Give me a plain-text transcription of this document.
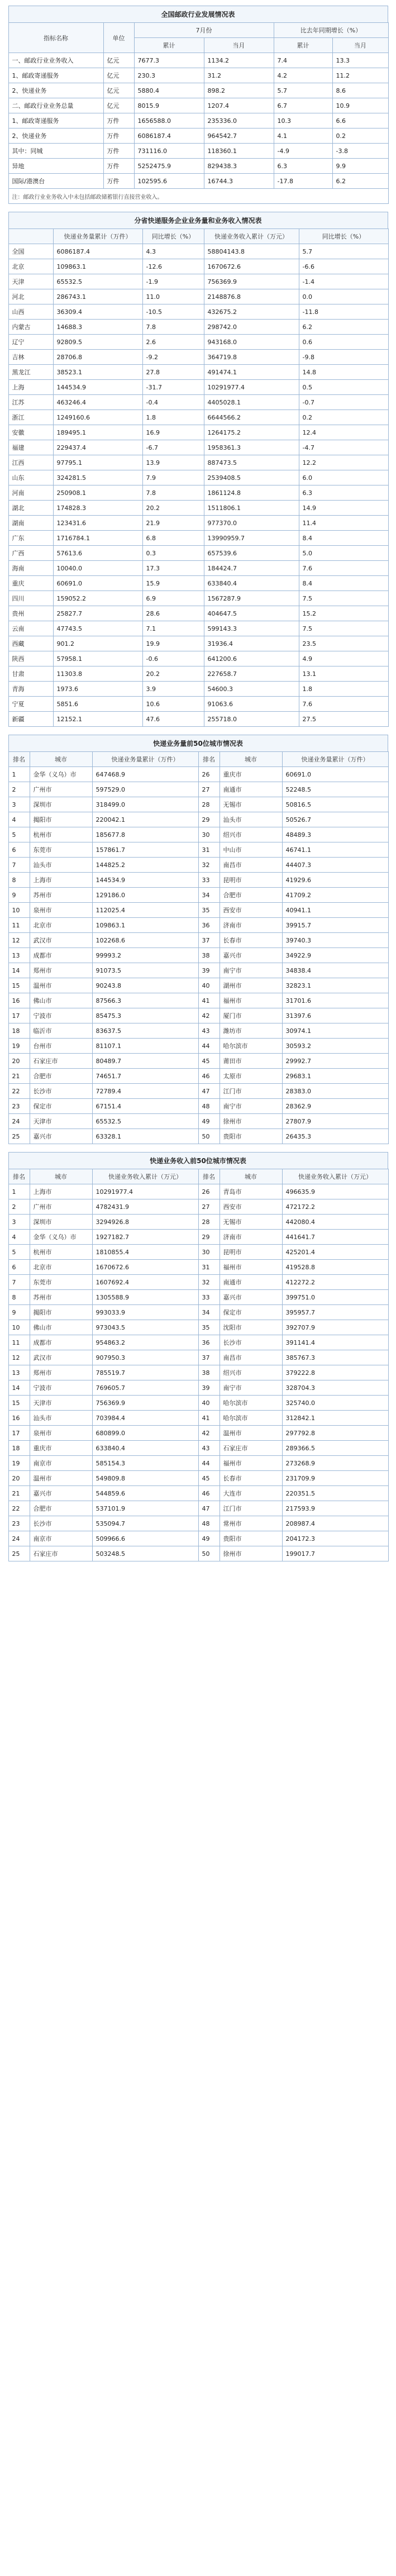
全国邮政行业发展情况表
指标名称	单位	7月份		比去年同期增长（%）	
		累计	当月	累计	当月
一、邮政行业业务收入	亿元	7677.3	1134.2	7.4	13.3
1、邮政寄递服务	亿元	230.3	31.2	4.2	11.2
2、快递业务	亿元	5880.4	898.2	5.7	8.6
二、邮政行业业务总量	亿元	8015.9	1207.4	6.7	10.9
1、邮政寄递服务	万件	1656588.0	235336.0	10.3	6.6
2、快递业务	万件	6086187.4	964542.7	4.1	0.2
其中：同城	万件	731116.0	118360.1	-4.9	-3.8
异地	万件	5252475.9	829438.3	6.3	9.9
国际/港澳台	万件	102595.6	16744.3	-17.8	6.2
注：邮政行业业务收入中未包括邮政储蓄银行直接营业收入。					
分省快递服务企业业务量和业务收入情况表
	快递业务量累计（万件）	同比增长（%）	快递业务收入累计（万元）	同比增长（%）
全国	6086187.4	4.3	58804143.8	5.7
北京	109863.1	-12.6	1670672.6	-6.6
天津	65532.5	-1.9	756369.9	-1.4
河北	286743.1	11.0	2148876.8	0.0
山西	36309.4	-10.5	432675.2	-11.8
内蒙古	14688.3	7.8	298742.0	6.2
辽宁	92809.5	2.6	943168.0	0.6
吉林	28706.8	-9.2	364719.8	-9.8
黑龙江	38523.1	27.8	491474.1	14.8
上海	144534.9	-31.7	10291977.4	0.5
江苏	463246.4	-0.4	4405028.1	-0.7
浙江	1249160.6	1.8	6644566.2	0.2
安徽	189495.1	16.9	1264175.2	12.4
福建	229437.4	-6.7	1958361.3	-4.7
江西	97795.1	13.9	887473.5	12.2
山东	324281.5	7.9	2539408.5	6.0
河南	250908.1	7.8	1861124.8	6.3
湖北	174828.3	20.2	1511806.1	14.9
湖南	123431.6	21.9	977370.0	11.4
广东	1716784.1	6.8	13990959.7	8.4
广西	57613.6	0.3	657539.6	5.0
海南	10040.0	17.3	184424.7	7.6
重庆	60691.0	15.9	633840.4	8.4
四川	159052.2	6.9	1567287.9	7.5
贵州	25827.7	28.6	404647.5	15.2
云南	47743.5	7.1	599143.3	7.5
西藏	901.2	19.9	31936.4	23.5
陕西	57958.1	-0.6	641200.6	4.9
甘肃	11303.8	20.2	227658.7	13.1
青海	1973.6	3.9	54600.3	1.8
宁夏	5851.6	10.6	91063.6	7.6
新疆	12152.1	47.6	255718.0	27.5
快递业务量前50位城市情况表
排名	城市	快递业务量累计（万件）	排名	城市	快递业务量累计（万件）
1	金华（义乌）市	647468.9	26	重庆市	60691.0
2	广州市	597529.0	27	南通市	52248.5
3	深圳市	318499.0	28	无锡市	50816.5
4	揭阳市	220042.1	29	汕头市	50526.7
5	杭州市	185677.8	30	绍兴市	48489.3
6	东莞市	157861.7	31	中山市	46741.1
7	汕头市	144825.2	32	南昌市	44407.3
8	上海市	144534.9	33	昆明市	41929.6
9	苏州市	129186.0	34	合肥市	41709.2
10	泉州市	112025.4	35	西安市	40941.1
11	北京市	109863.1	36	济南市	39915.7
12	武汉市	102268.6	37	长春市	39740.3
13	成都市	99993.2	38	嘉兴市	34922.9
14	郑州市	91073.5	39	南宁市	34838.4
15	温州市	90243.8	40	湖州市	32823.1
16	佛山市	87566.3	41	福州市	31701.6
17	宁波市	85475.3	42	厦门市	31397.6
18	临沂市	83637.5	43	潍坊市	30974.1
19	台州市	81107.1	44	哈尔滨市	30593.2
20	石家庄市	80489.7	45	莆田市	29992.7
21	合肥市	74651.7	46	太原市	29683.1
22	长沙市	72789.4	47	江门市	28383.0
23	保定市	67151.4	48	南宁市	28362.9
24	天津市	65532.5	49	徐州市	27807.9
25	嘉兴市	63328.1	50	贵阳市	26435.3
快递业务收入前50位城市情况表
排名	城市	快递业务收入累计（万元）	排名	城市	快递业务收入累计（万元）
1	上海市	10291977.4	26	青岛市	496635.9
2	广州市	4782431.9	27	西安市	472172.2
3	深圳市	3294926.8	28	无锡市	442080.4
4	金华（义乌）市	1927182.7	29	济南市	441641.7
5	杭州市	1810855.4	30	昆明市	425201.4
6	北京市	1670672.6	31	福州市	419528.8
7	东莞市	1607692.4	32	南通市	412272.2
8	苏州市	1305588.9	33	嘉兴市	399751.0
9	揭阳市	993033.9	34	保定市	395957.7
10	佛山市	973043.5	35	沈阳市	392707.9
11	成都市	954863.2	36	长沙市	391141.4
12	武汉市	907950.3	37	南昌市	385767.3
13	郑州市	785519.7	38	绍兴市	379222.8
14	宁波市	769605.7	39	南宁市	328704.3
15	天津市	756369.9	40	哈尔滨市	325740.0
16	汕头市	703984.4	41	哈尔滨市	312842.1
17	泉州市	680899.0	42	温州市	297792.8
18	重庆市	633840.4	43	石家庄市	289366.5
19	南京市	585154.3	44	福州市	273268.9
20	温州市	549809.8	45	长春市	231709.9
21	嘉兴市	544859.6	46	大连市	220351.5
22	合肥市	537101.9	47	江门市	217593.9
23	长沙市	535094.7	48	常州市	208987.4
24	南京市	509966.6	49	贵阳市	204172.3
25	石家庄市	503248.5	50	徐州市	199017.7
